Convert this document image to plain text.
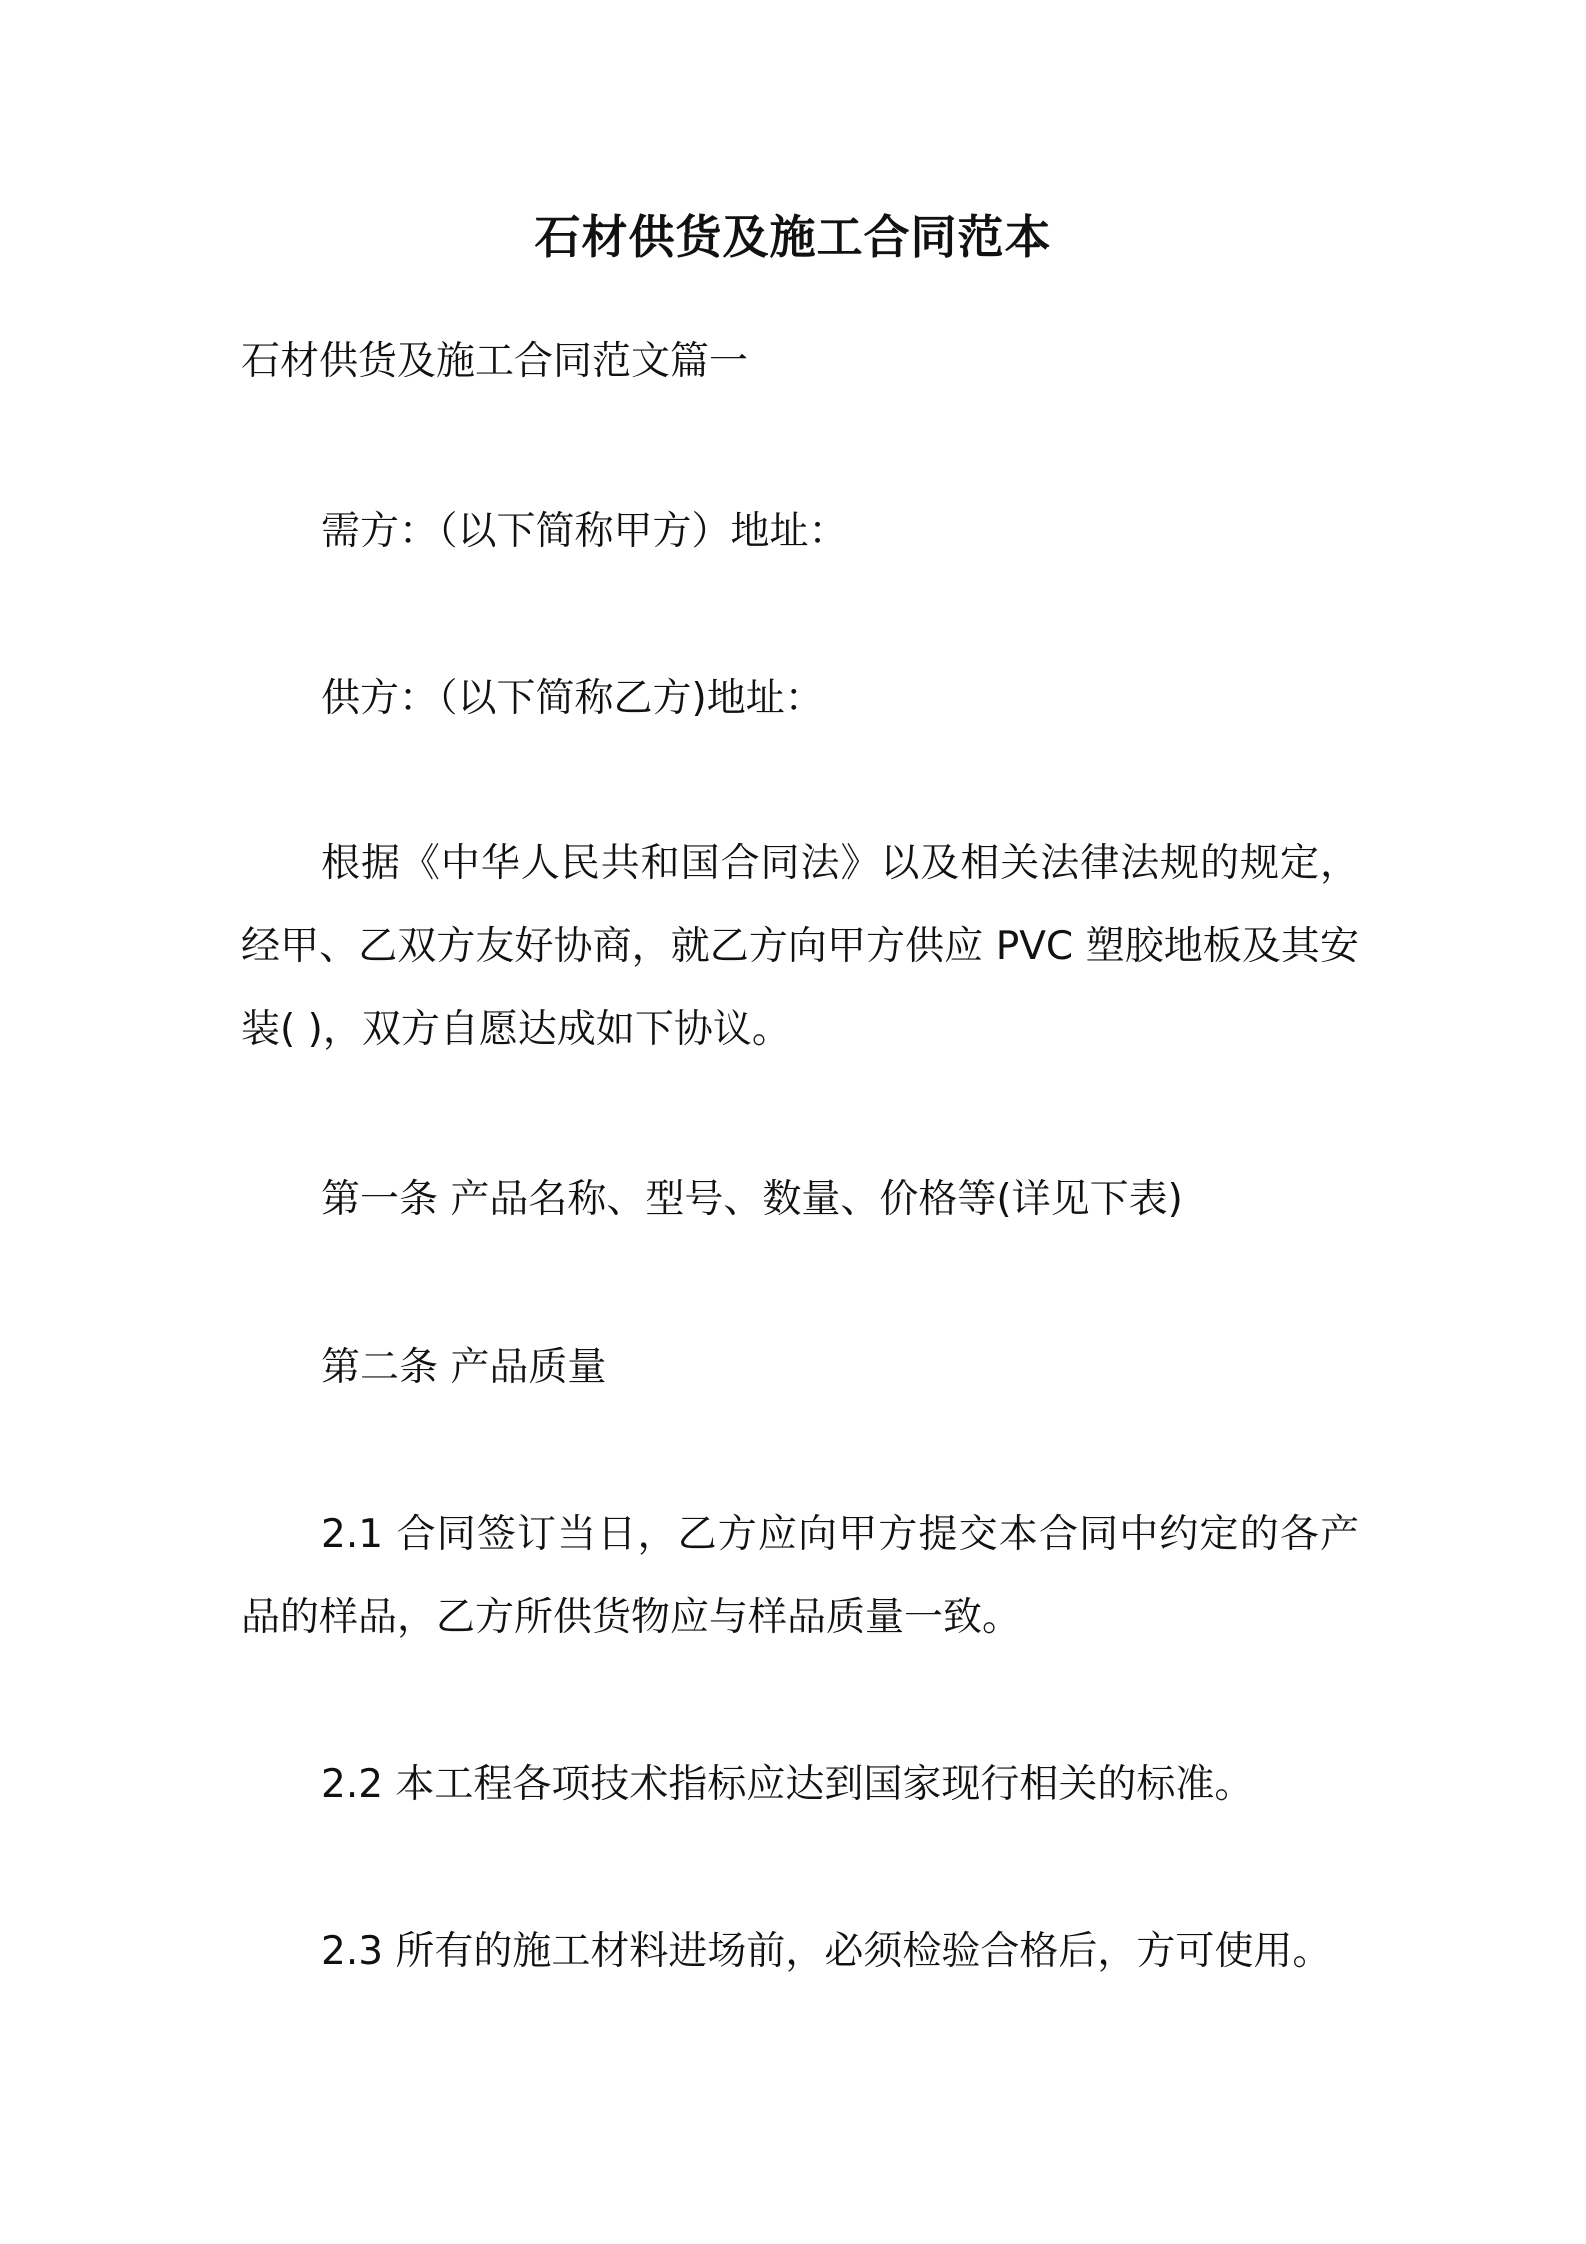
石材供货及施工合同范本
石材供货及施工合同范文篇一

需方：（以下简称甲方）地址：

供方：（以下简称乙方)地址：

根据《中华人民共和国合同法》以及相关法律法规的规定，经甲、乙双方友好协商，就乙方向甲方供应 PVC 塑胶地板及其安装( )，双方自愿达成如下协议。

第一条 产品名称、型号、数量、价格等(详见下表)

第二条 产品质量

2.1 合同签订当日，乙方应向甲方提交本合同中约定的各产品的样品，乙方所供货物应与样品质量一致。

2.2 本工程各项技术指标应达到国家现行相关的标准。

2.3 所有的施工材料进场前，必须检验合格后，方可使用。
